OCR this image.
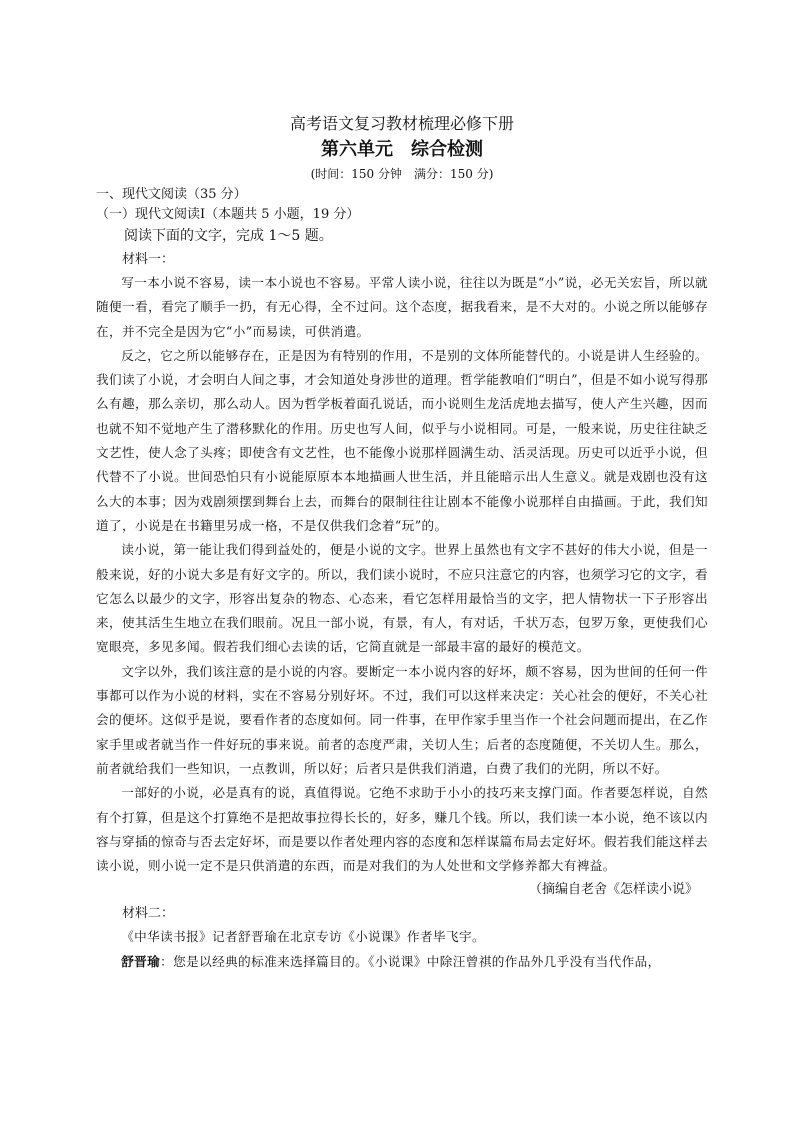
高考语文复习教材梳理必修下册
第六单元　综合检测

(时间：150 分钟　满分：150 分)

一、现代文阅读（35 分）

（一）现代文阅读Ⅰ（本题共 5 小题，19 分）

阅读下面的文字，完成 1～5 题。

材料一：

写一本小说不容易，读一本小说也不容易。平常人读小说，往往以为既是“小”说，必无关宏旨，所以就随便一看，看完了顺手一扔，有无心得，全不过问。这个态度，据我看来，是不大对的。小说之所以能够存在，并不完全是因为它“小”而易读，可供消遣。

反之，它之所以能够存在，正是因为有特别的作用，不是别的文体所能替代的。小说是讲人生经验的。我们读了小说，才会明白人间之事，才会知道处身涉世的道理。哲学能教咱们“明白”，但是不如小说写得那么有趣，那么亲切，那么动人。因为哲学板着面孔说话，而小说则生龙活虎地去描写，使人产生兴趣，因而也就不知不觉地产生了潜移默化的作用。历史也写人间，似乎与小说相同。可是，一般来说，历史往往缺乏文艺性，使人念了头疼；即使含有文艺性，也不能像小说那样圆满生动、活灵活现。历史可以近乎小说，但代替不了小说。世间恐怕只有小说能原原本本地描画人世生活，并且能暗示出人生意义。就是戏剧也没有这么大的本事；因为戏剧须摆到舞台上去，而舞台的限制往往让剧本不能像小说那样自由描画。于此，我们知道了，小说是在书籍里另成一格，不是仅供我们念着“玩”的。

读小说，第一能让我们得到益处的，便是小说的文字。世界上虽然也有文字不甚好的伟大小说，但是一般来说，好的小说大多是有好文字的。所以，我们读小说时，不应只注意它的内容，也须学习它的文字，看它怎么以最少的文字，形容出复杂的物态、心态来，看它怎样用最恰当的文字，把人情物状一下子形容出来，使其活生生地立在我们眼前。况且一部小说，有景，有人，有对话，千状万态，包罗万象，更使我们心宽眼亮，多见多闻。假若我们细心去读的话，它简直就是一部最丰富的最好的模范文。

文字以外，我们该注意的是小说的内容。要断定一本小说内容的好坏，颇不容易，因为世间的任何一件事都可以作为小说的材料，实在不容易分别好坏。不过，我们可以这样来决定：关心社会的便好，不关心社会的便坏。这似乎是说，要看作者的态度如何。同一件事，在甲作家手里当作一个社会问题而提出，在乙作家手里或者就当作一件好玩的事来说。前者的态度严肃，关切人生；后者的态度随便，不关切人生。那么，前者就给我们一些知识，一点教训，所以好；后者只是供我们消遣，白费了我们的光阴，所以不好。

一部好的小说，必是真有的说，真值得说。它绝不求助于小小的技巧来支撑门面。作者要怎样说，自然有个打算，但是这个打算绝不是把故事拉得长长的，好多，赚几个钱。所以，我们读一本小说，绝不该以内容与穿插的惊奇与否去定好坏，而是要以作者处理内容的态度和怎样谋篇布局去定好坏。假若我们能这样去读小说，则小说一定不是只供消遣的东西，而是对我们的为人处世和文学修养都大有裨益。

（摘编自老舍《怎样读小说》

材料二：

《中华读书报》记者舒晋瑜在北京专访《小说课》作者毕飞宇。

舒晋瑜：您是以经典的标准来选择篇目的。《小说课》中除汪曾祺的作品外几乎没有当代作品，
